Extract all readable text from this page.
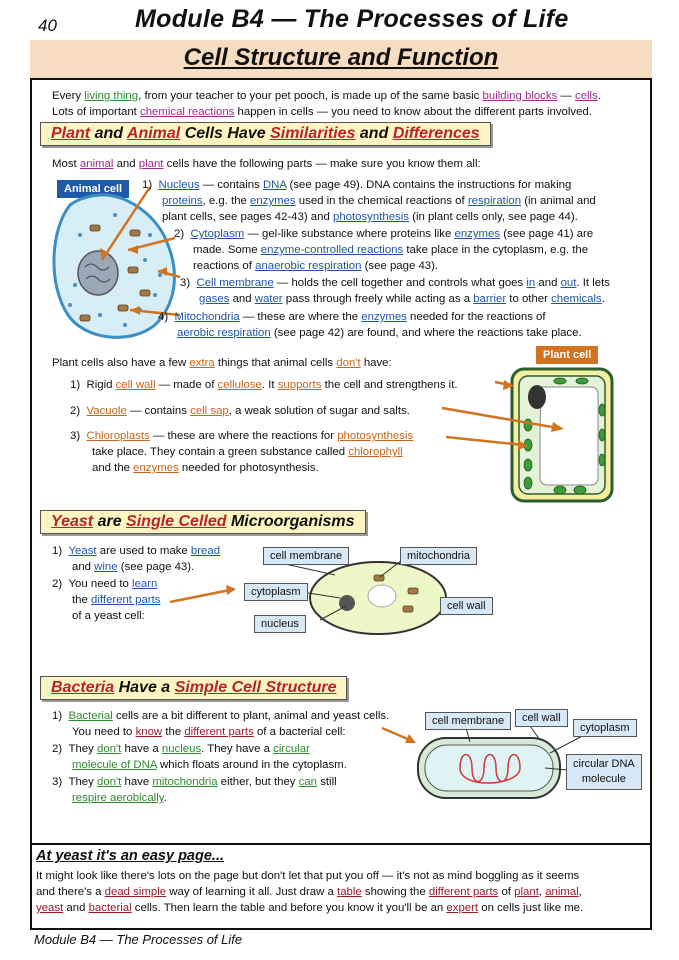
40	Module B4 — The Processes of Life
Cell Structure and Function
Every living thing, from your teacher to your pet pooch, is made up of the same basic building blocks — cells.
Lots of important chemical reactions happen in cells — you need to know about the different parts involved.
Plant and Animal Cells Have Similarities and Differences
Most animal and plant cells have the following parts — make sure you know them all:
Animal cell	1) Nucleus — contains DNA (see page 49). DNA contains the instructions for making
proteins, e.g. the enzymes used in the chemical reactions of respiration (in animal and
plant cells, see pages 42-43) and photosynthesis (in plant cells only, see page 44).
2) Cytoplasm — gel-like substance where proteins like enzymes (see page 41) are
made. Some enzyme-controlled reactions take place in the cytoplasm, e.g. the
reactions of anaerobic respiration (see page 43).
3) Cell membrane — holds the cell together and controls what goes in and out. It lets
gases and water pass through freely while acting as a barrier to other chemicals.
4) Mitochondria — these are where the enzymes needed for the reactions of
aerobic respiration (see page 42) are found, and where the reactions take place.
Plant cell
Plant cells also have a few extra things that animal cells don't have:
1) Rigid cell wall — made of cellulose. It supports the cell and strengthens it.
2) Vacuole — contains cell sap, a weak solution of sugar and salts.
3) Chloroplasts — these are where the reactions for photosynthesis
take place. They contain a green substance called chlorophyll
and the enzymes needed for photosynthesis.
Yeast are Single Celled Microorganisms
1) Yeast are used to make bread
and wine (see page 43).
2) You need to learn
the different parts
of a yeast cell:
cell membrane	mitochondria
cytoplasm
cell wall
nucleus
Bacteria Have a Simple Cell Structure
1) Bacterial cells are a bit different to plant, animal and yeast cells.
You need to know the different parts of a bacterial cell:
2) They don't have a nucleus. They have a circular
molecule of DNA which floats around in the cytoplasm.
3) They don't have mitochondria either, but they can still
respire aerobically.
cell membrane	cell wall
cytoplasm
circular DNA
molecule
At yeast it's an easy page...
It might look like there's lots on the page but don't let that put you off — it's not as mind boggling as it seems
and there's a dead simple way of learning it all. Just draw a table showing the different parts of plant, animal,
yeast and bacterial cells. Then learn the table and before you know it you'll be an expert on cells just like me.
Module B4 — The Processes of Life
